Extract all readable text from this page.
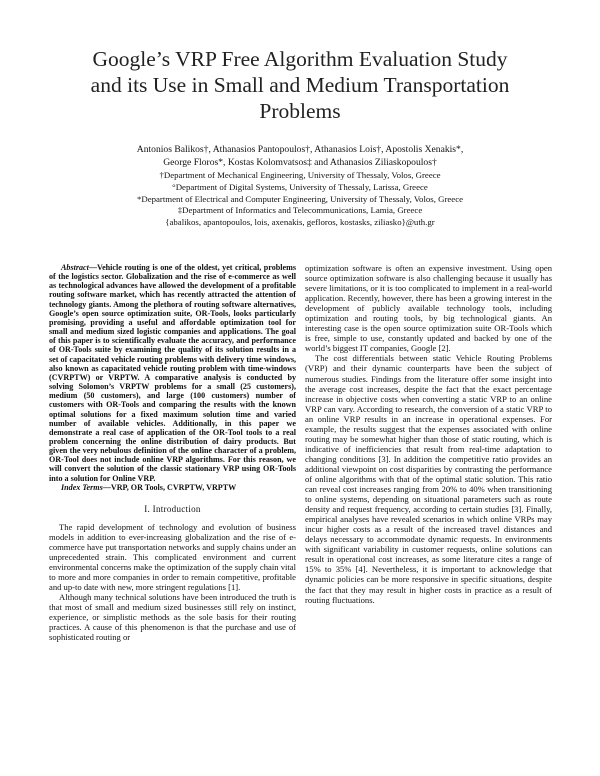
Google’s VRP Free Algorithm Evaluation Study
and its Use in Small and Medium Transportation
Problems
Antonios Balikos†, Athanasios Pantopoulos†, Athanasios Lois†, Apostolis Xenakis*,
George Floros*, Kostas Kolomvatsos‡ and Athanasios Ziliaskopoulos†
†Department of Mechanical Engineering, University of Thessaly, Volos, Greece
°Department of Digital Systems, University of Thessaly, Larissa, Greece
*Department of Electrical and Computer Engineering, University of Thessaly, Volos, Greece
‡Department of Informatics and Telecommunications, Lamia, Greece
{abalikos, apantopoulos, lois, axenakis, gefloros, kostasks, ziliasko}@uth.gr

Abstract—Vehicle routing is one of the oldest, yet critical, problems of the logistics sector. Globalization and the rise of e-commerce as well as technological advances have allowed the development of a profitable routing software market, which has recently attracted the attention of technology giants. Among the plethora of routing software alternatives, Google’s open source optimization suite, OR-Tools, looks particularly promising, providing a useful and affordable optimization tool for small and medium sized logistic companies and applications. The goal of this paper is to scientifically evaluate the accuracy, and performance of OR-Tools suite by examining the quality of its solution results in a set of capacitated vehicle routing problems with delivery time windows, also known as capacitated vehicle routing problem with time-windows (CVRPTW) or VRPTW. A comparative analysis is conducted by solving Solomon’s VRPTW problems for a small (25 customers), medium (50 customers), and large (100 customers) number of customers with OR-Tools and comparing the results with the known optimal solutions for a fixed maximum solution time and varied number of available vehicles. Additionally, in this paper we demonstrate a real case of application of the OR-Tool tools to a real problem concerning the online distribution of dairy products. But given the very nebulous definition of the online character of a problem, OR-Tool does not include online VRP algorithms. For this reason, we will convert the solution of the classic stationary VRP using OR-Tools into a solution for Online VRP.

Index Terms—VRP, OR Tools, CVRPTW, VRPTW

I. Introduction

The rapid development of technology and evolution of business models in addition to ever-increasing globalization and the rise of e-commerce have put transportation networks and supply chains under an unprecedented strain. This complicated environment and current environmental concerns make the optimization of the supply chain vital to more and more companies in order to remain competitive, profitable and up-to date with new, more stringent regulations [1].

Although many technical solutions have been introduced the truth is that most of small and medium sized businesses still rely on instinct, experience, or simplistic methods as the sole basis for their routing practices. A cause of this phenomenon is that the purchase and use of sophisticated routing or

optimization software is often an expensive investment. Using open source optimization software is also challenging because it usually has severe limitations, or it is too complicated to implement in a real-world application. Recently, however, there has been a growing interest in the development of publicly available technology tools, including optimization and routing tools, by big technological giants. An interesting case is the open source optimization suite OR-Tools which is free, simple to use, constantly updated and backed by one of the world’s biggest IT companies, Google [2].

The cost differentials between static Vehicle Routing Problems (VRP) and their dynamic counterparts have been the subject of numerous studies. Findings from the literature offer some insight into the average cost increases, despite the fact that the exact percentage increase in objective costs when converting a static VRP to an online VRP can vary. According to research, the conversion of a static VRP to an online VRP results in an increase in operational expenses. For example, the results suggest that the expenses associated with online routing may be somewhat higher than those of static routing, which is indicative of inefficiencies that result from real-time adaptation to changing conditions [3]. In addition the competitive ratio provides an additional viewpoint on cost disparities by contrasting the performance of online algorithms with that of the optimal static solution. This ratio can reveal cost increases ranging from 20% to 40% when transitioning to online systems, depending on situational parameters such as route density and request frequency, according to certain studies [3]. Finally, empirical analyses have revealed scenarios in which online VRPs may incur higher costs as a result of the increased travel distances and delays necessary to accommodate dynamic requests. In environments with significant variability in customer requests, online solutions can result in operational cost increases, as some literature cites a range of 15% to 35% [4]. Nevertheless, it is important to acknowledge that dynamic policies can be more responsive in specific situations, despite the fact that they may result in higher costs in practice as a result of routing fluctuations.
